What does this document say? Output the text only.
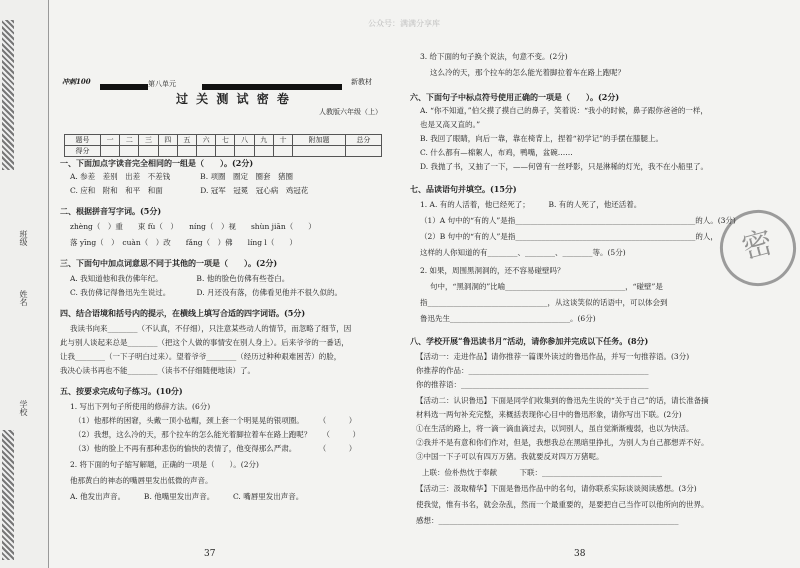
班级
姓名
学校
公众号：满满分享库
冲刺100	第八单元	新教材
过 关 测 试 密 卷
人教版六年级（上）
题号	一	二	三	四	五	六	七	八	九	十	附加题	总分
得分												
一、下面加点字读音完全相同的一组是（　　）。(2分)
A. 参差　差别　出差　不差钱　　　　B. 项圈　圈定　圈套　猪圈
C. 应和　附和　和平　和面　　　　　D. 冠军　冠冕　冠心病　鸡冠花
二、根据拼音写字词。(5分)
zhèng（　）重　　束 fù（　）　　níng（　）视　　shùn jiān（　　）
落 yīng（　）　cuàn（　）改　　fǎng（　）佛　　líng l（　　）
三、下面句中加点词意思不同于其他的一项是（　　）。(2分)
A. 我知道他和我仿佛年纪。　　　　　B. 他的脸色仿佛有些苍白。
C. 我仿佛记得鲁迅先生说过。　　　　D. 月还没有落，仿佛看见他并不很久似的。
四、结合语境和括号内的提示，在横线上填写合适的四字词语。(5分)
我读书向来________（不认真，不仔细），只注意某些动人的情节，而忽略了细节，因
此与别人谈起来总是________（把这个人做的事情安在别人身上）。后来爷爷的一番话，
让我________（一下子明白过来）。望着爷爷________（经历过种种艰难困苦）的脸，
我决心读书再也不能________（读书不仔细随便地读）了。
五、按要求完成句子练习。(10分)
1. 写出下列句子所使用的修辞方法。(6分)
（1）他那样的困窘，头戴一顶小毡帽，颈上套一个明晃晃的银项圈。　　　（　　　）
（2）我想，这么冷的天，那个拉车的怎么能光着脚拉着车在路上跑呢？　　（　　　）
（3）他的脸上不再有那种悲伤的愉快的表情了，他变得那么严肃。　　　　（　　　）
2. 将下面的句子缩写解题，正确的一项是（　　）。(2分)
他那黄白的神态的嘴唇里发出低微的声音。
A. 他发出声音。　　　B. 他嘴里发出声音。　　　C. 嘴唇里发出声音。
37
3. 给下面的句子换个说法，句意不变。(2分)
这么冷的天，那个拉车的怎么能光着脚拉着车在路上跑呢？
六、下面句子中标点符号使用正确的一项是（　　）。(2分)
A. “你不知道，”伯父摸了摸自己的鼻子，笑着说：“我小的时候，鼻子跟你爸爸的一样，
也是又高又直的。”
B. 我回了眼睛，向后一靠，靠在椅背上，捏着“初学记”的手摆在膝腿上。
C. 什么都有—棉絮人，布鸡，鸭嘴，盆碗……
D. 我抛了书，又抽了一下，——何曾有一丝呼影，只是淋稀的灯光，我不在小船里了。
七、品读语句并填空。(15分)
1. A. 有的人活着，他已经死了；　　　B. 有的人死了，他还活着。
（1）A 句中的“有的人”是指________________________________________________的人。(3分)
（2）B 句中的“有的人”是指________________________________________________的人，
这样的人你知道的有________、________、________等。(5分)
2. 如果，周围黑洞洞的，还不容易碰壁吗？
句中，“黑洞洞的”比喻________________________________，“碰壁”是
指________________________________，从这谈笑似的话语中，可以体会到
鲁迅先生________________________________。(6分)
八、学校开展“鲁迅读书月”活动，请你参加并完成以下任务。(8分)
【活动一：走进作品】请你推荐一篇课外读过的鲁迅作品，并写一句推荐语。(3分)
你推荐的作品：________________________________________________
你的推荐语：__________________________________________________
【活动二：认识鲁迅】下面是同学们收集到的鲁迅先生说的“关于自己”的话，请长准备摘
材料选一两句补充完整，来概括表现你心目中的鲁迅形象，请你写出下联。(2分)
①在生活的路上，将一滴一滴血滴过去，以饲别人，虽自觉渐渐瘦弱，也以为快活。
②我并不是有意和你们作对，但是，我想我总在黑暗里挣扎，为别人为自己都想弄不好。
③中国一下子可以有四万万猪。我就要反对四万万猪呢。
上联：俭朴热忱于奉献　　　下联：________________________________
【活动三：汲取精华】下面是鲁迅作品中的名句，请你联系实际谈谈阅读感想。(3分)
使我觉，惟有书名，就会杂乱，然而一个最重要的，是要把自己当作可以他所向的世界。
感想：________________________________________________________________
38
密
